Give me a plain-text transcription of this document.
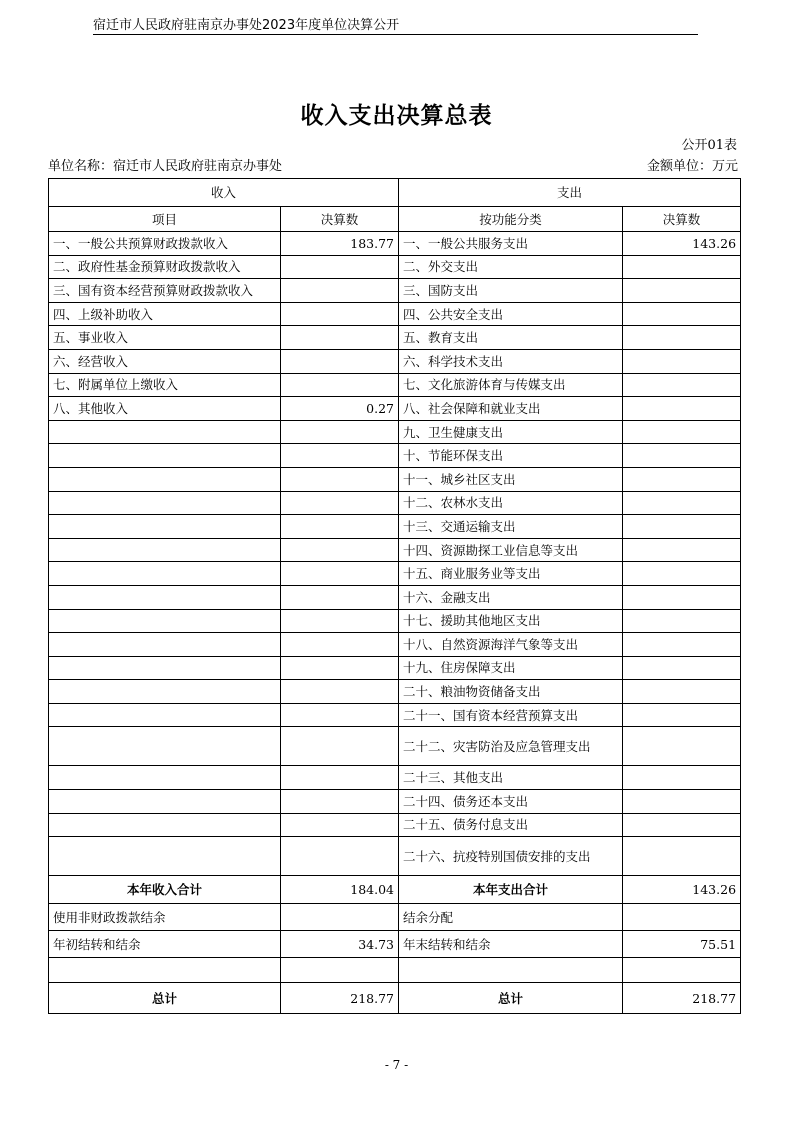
宿迁市人民政府驻南京办事处2023年度单位决算公开
收入支出决算总表
公开01表
单位名称：宿迁市人民政府驻南京办事处	金额单位：万元
收入		支出	
项目	决算数	按功能分类	决算数
一、一般公共预算财政拨款收入	183.77	一、一般公共服务支出	143.26
二、政府性基金预算财政拨款收入		二、外交支出	
三、国有资本经营预算财政拨款收入		三、国防支出	
四、上级补助收入		四、公共安全支出	
五、事业收入		五、教育支出	
六、经营收入		六、科学技术支出	
七、附属单位上缴收入		七、文化旅游体育与传媒支出	
八、其他收入	0.27	八、社会保障和就业支出	
		九、卫生健康支出	
		十、节能环保支出	
		十一、城乡社区支出	
		十二、农林水支出	
		十三、交通运输支出	
		十四、资源勘探工业信息等支出	
		十五、商业服务业等支出	
		十六、金融支出	
		十七、援助其他地区支出	
		十八、自然资源海洋气象等支出	
		十九、住房保障支出	
		二十、粮油物资储备支出	
		二十一、国有资本经营预算支出	
		二十二、灾害防治及应急管理支出	
		二十三、其他支出	
		二十四、债务还本支出	
		二十五、债务付息支出	
		二十六、抗疫特别国债安排的支出	
本年收入合计	184.04	本年支出合计	143.26
使用非财政拨款结余		结余分配	
年初结转和结余	34.73	年末结转和结余	75.51

总计	218.77	总计	218.77
- 7 -
